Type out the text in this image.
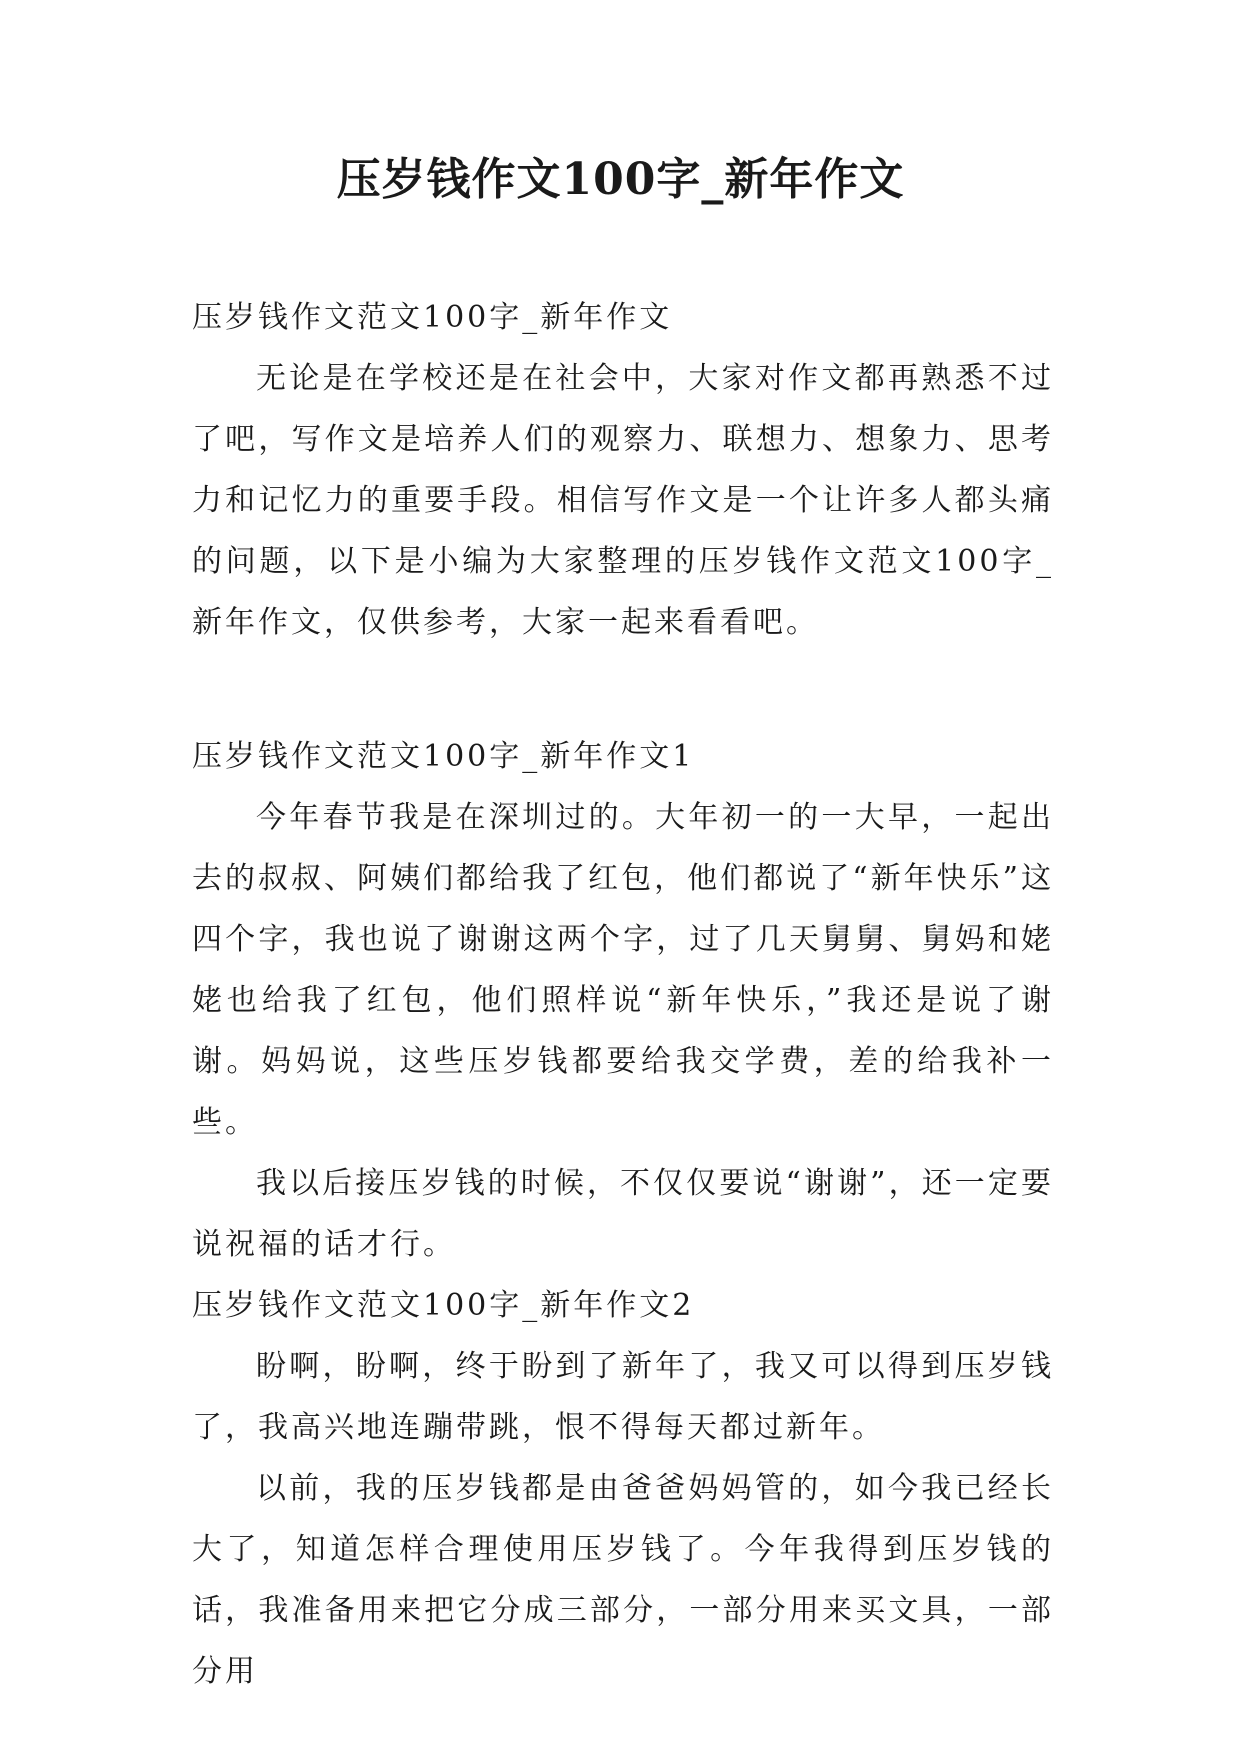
压岁钱作文100字_新年作文

压岁钱作文范文100字_新年作文

无论是在学校还是在社会中，大家对作文都再熟悉不过了吧，写作文是培养人们的观察力、联想力、想象力、思考力和记忆力的重要手段。相信写作文是一个让许多人都头痛的问题，以下是小编为大家整理的压岁钱作文范文100字_新年作文，仅供参考，大家一起来看看吧。

压岁钱作文范文100字_新年作文1

今年春节我是在深圳过的。大年初一的一大早，一起出去的叔叔、阿姨们都给我了红包，他们都说了“新年快乐”这四个字，我也说了谢谢这两个字，过了几天舅舅、舅妈和姥姥也给我了红包，他们照样说“新年快乐，”我还是说了谢谢。妈妈说，这些压岁钱都要给我交学费，差的给我补一些。

我以后接压岁钱的时候，不仅仅要说“谢谢”，还一定要说祝福的话才行。

压岁钱作文范文100字_新年作文2

盼啊，盼啊，终于盼到了新年了，我又可以得到压岁钱了，我高兴地连蹦带跳，恨不得每天都过新年。

以前，我的压岁钱都是由爸爸妈妈管的，如今我已经长大了，知道怎样合理使用压岁钱了。今年我得到压岁钱的话，我准备用来把它分成三部分，一部分用来买文具，一部分用
